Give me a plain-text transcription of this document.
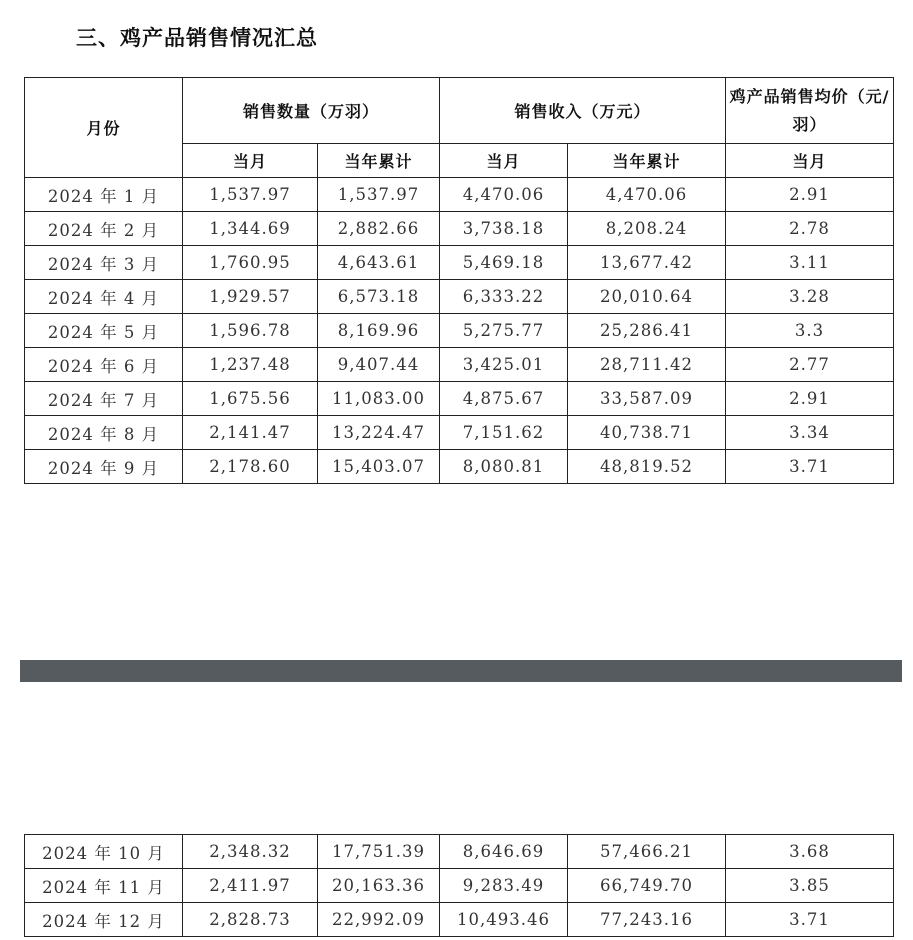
三、鸡产品销售情况汇总
月份	销售数量（万羽）		销售收入（万元）		鸡产品销售均价（元/羽）
	当月	当年累计	当月	当年累计	当月
2024 年 1 月	1,537.97	1,537.97	4,470.06	4,470.06	2.91
2024 年 2 月	1,344.69	2,882.66	3,738.18	8,208.24	2.78
2024 年 3 月	1,760.95	4,643.61	5,469.18	13,677.42	3.11
2024 年 4 月	1,929.57	6,573.18	6,333.22	20,010.64	3.28
2024 年 5 月	1,596.78	8,169.96	5,275.77	25,286.41	3.3
2024 年 6 月	1,237.48	9,407.44	3,425.01	28,711.42	2.77
2024 年 7 月	1,675.56	11,083.00	4,875.67	33,587.09	2.91
2024 年 8 月	2,141.47	13,224.47	7,151.62	40,738.71	3.34
2024 年 9 月	2,178.60	15,403.07	8,080.81	48,819.52	3.71
2024 年 10 月	2,348.32	17,751.39	8,646.69	57,466.21	3.68
2024 年 11 月	2,411.97	20,163.36	9,283.49	66,749.70	3.85
2024 年 12 月	2,828.73	22,992.09	10,493.46	77,243.16	3.71
